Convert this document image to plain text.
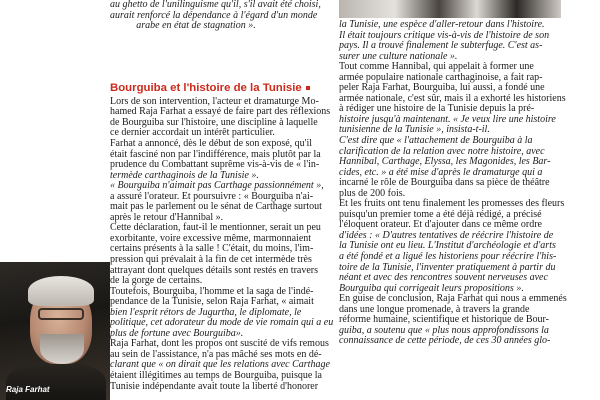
au ghetto de l'unilinguisme qu'il, s'il avait été choisi,

aurait renforcé la dépendance à l'égard d'un monde

arabe en état de stagnation ».

Bourguiba et l'histoire de la Tunisie
Lors de son intervention, l'acteur et dramaturge Mo-
hamed Raja Farhat a essayé de faire part des réflexions
de Bourguiba sur l'histoire, une discipline à laquelle
ce dernier accordait un intérêt particulier.
Farhat a annoncé, dès le début de son exposé, qu'il
était fasciné non par l'indifférence, mais plutôt par la
prudence du Combattant suprême vis-à-vis de « l'in-
termède carthaginois de la Tunisie ».
« Bourguiba n'aimait pas Carthage passionnément »,
a assuré l'orateur. Et poursuivre : « Bourguiba n'ai-
mait pas le parlement ou le sénat de Carthage surtout
après le retour d'Hannibal ».
Cette déclaration, faut-il le mentionner, serait un peu
exorbitante, voire excessive même, marmonnaient
certains présents à la salle ! C'était, du moins, l'im-
pression qui prévalait à la fin de cet intermède très
attrayant dont quelques détails sont restés en travers
de la gorge de certains.
Toutefois, Bourguiba, l'homme et la saga de l'indé-
pendance de la Tunisie, selon Raja Farhat, « aimait
bien l'esprit rétors de Jugurtha, le diplomate, le
politique, cet adorateur du mode de vie romain qui a eu
plus de fortune avec Bourguiba».
Raja Farhat, dont les propos ont suscité de vifs remous
au sein de l'assistance, n'a pas mâché ses mots en dé-
clarant que « on dirait que les relations avec Carthage
étaient illégitimes au temps de Bourguiba, puisque la
Tunisie indépendante avait toute la liberté d'honorer
Raja Farhat
la Tunisie, une espèce d'aller-retour dans l'histoire.
Il était toujours critique vis-à-vis de l'histoire de son
pays. Il a trouvé finalement le subterfuge. C'est as-
surer une culture nationale ».
Tout comme Hannibal, qui appelait à former une
armée populaire nationale carthaginoise, a fait rap-
peler Raja Farhat, Bourguiba, lui aussi, a fondé une
armée nationale, c'est sûr, mais il a exhorté les historiens
à rédiger une histoire de la Tunisie depuis la pré-
histoire jusqu'à maintenant. « Je veux lire une histoire
tunisienne de la Tunisie », insista-t-il.
C'est dire que « l'attachement de Bourguiba à la
clarification de la relation avec notre histoire, avec
Hannibal, Carthage, Elyssa, les Magonides, les Bar-
cides, etc. » a été mise d'après le dramaturge qui a
incarné le rôle de Bourguiba dans sa pièce de théâtre
plus de 200 fois.
Et les fruits ont tenu finalement les promesses des fleurs
puisqu'un premier tome a été déjà rédigé, a précisé
l'éloquent orateur. Et d'ajouter dans ce même ordre
d'idées : « D'autres tentatives de réécrire l'histoire de
la Tunisie ont eu lieu. L'Institut d'archéologie et d'arts
a été fondé et a ligué les historiens pour réécrire l'his-
toire de la Tunisie, l'inventer pratiquement à partir du
néant et avec des rencontres souvent nerveuses avec
Bourguiba qui corrigeait leurs propositions ».
En guise de conclusion, Raja Farhat qui nous a emmenés
dans une longue promenade, à travers la grande
réforme humaine, scientifique et historique de Bour-
guiba, a soutenu que « plus nous approfondissons la
connaissance de cette période, de ces 30 années glo-
